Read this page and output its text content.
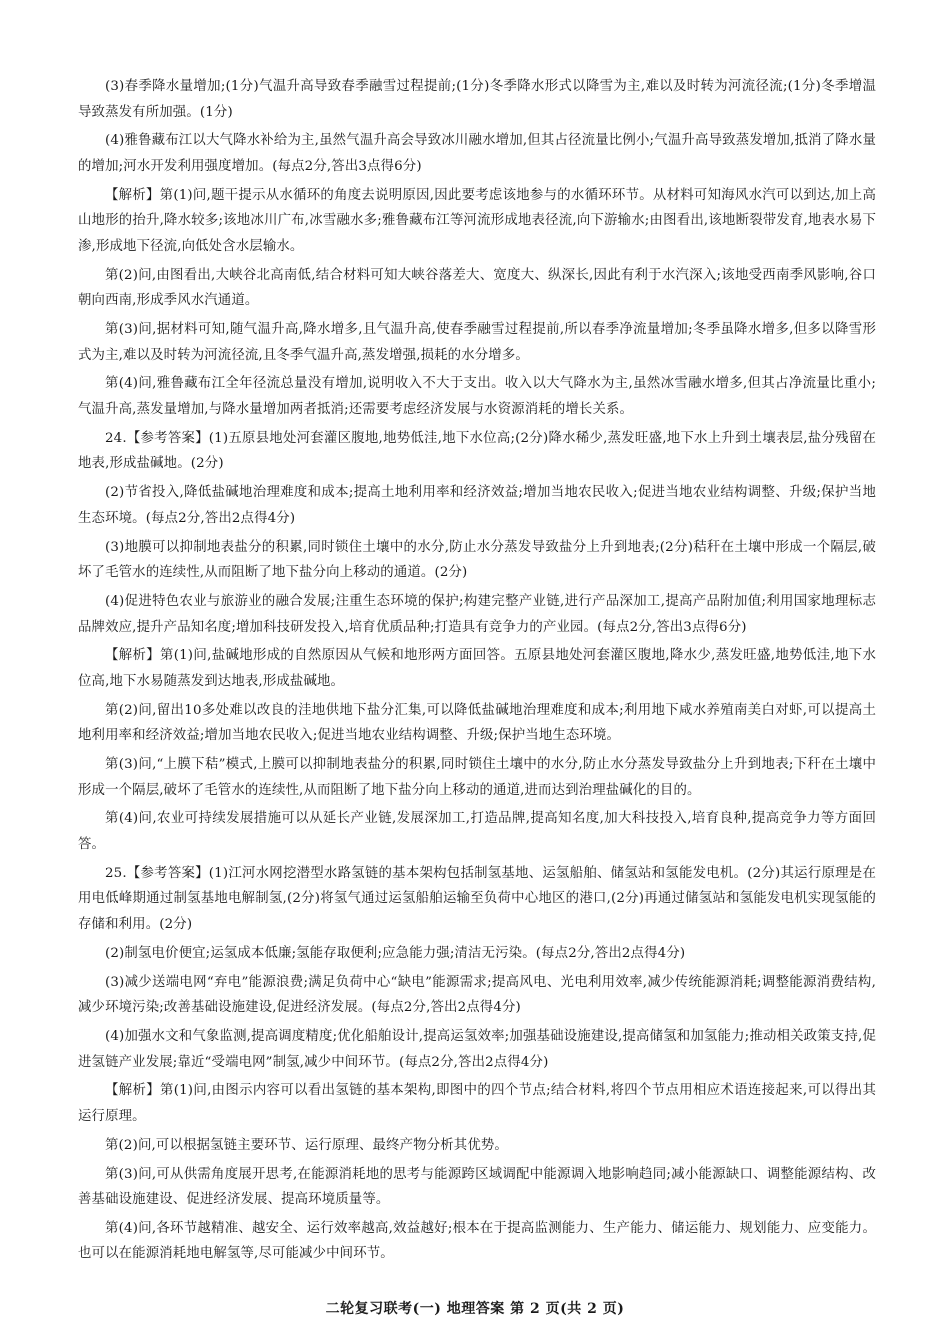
(3)春季降水量增加;(1分)气温升高导致春季融雪过程提前;(1分)冬季降水形式以降雪为主,难以及时转为河流径流;(1分)冬季增温导致蒸发有所加强。(1分)

(4)雅鲁藏布江以大气降水补给为主,虽然气温升高会导致冰川融水增加,但其占径流量比例小;气温升高导致蒸发增加,抵消了降水量的增加;河水开发利用强度增加。(每点2分,答出3点得6分)

【解析】第(1)问,题干提示从水循环的角度去说明原因,因此要考虑该地参与的水循环环节。从材料可知海风水汽可以到达,加上高山地形的抬升,降水较多;该地冰川广布,冰雪融水多;雅鲁藏布江等河流形成地表径流,向下游输水;由图看出,该地断裂带发育,地表水易下渗,形成地下径流,向低处含水层输水。

第(2)问,由图看出,大峡谷北高南低,结合材料可知大峡谷落差大、宽度大、纵深长,因此有利于水汽深入;该地受西南季风影响,谷口朝向西南,形成季风水汽通道。

第(3)问,据材料可知,随气温升高,降水增多,且气温升高,使春季融雪过程提前,所以春季净流量增加;冬季虽降水增多,但多以降雪形式为主,难以及时转为河流径流,且冬季气温升高,蒸发增强,损耗的水分增多。

第(4)问,雅鲁藏布江全年径流总量没有增加,说明收入不大于支出。收入以大气降水为主,虽然冰雪融水增多,但其占净流量比重小;气温升高,蒸发量增加,与降水量增加两者抵消;还需要考虑经济发展与水资源消耗的增长关系。

24.【参考答案】(1)五原县地处河套灌区腹地,地势低洼,地下水位高;(2分)降水稀少,蒸发旺盛,地下水上升到土壤表层,盐分残留在地表,形成盐碱地。(2分)

(2)节省投入,降低盐碱地治理难度和成本;提高土地利用率和经济效益;增加当地农民收入;促进当地农业结构调整、升级;保护当地生态环境。(每点2分,答出2点得4分)

(3)地膜可以抑制地表盐分的积累,同时锁住土壤中的水分,防止水分蒸发导致盐分上升到地表;(2分)秸秆在土壤中形成一个隔层,破坏了毛管水的连续性,从而阻断了地下盐分向上移动的通道。(2分)

(4)促进特色农业与旅游业的融合发展;注重生态环境的保护;构建完整产业链,进行产品深加工,提高产品附加值;利用国家地理标志品牌效应,提升产品知名度;增加科技研发投入,培育优质品种;打造具有竞争力的产业园。(每点2分,答出3点得6分)

【解析】第(1)问,盐碱地形成的自然原因从气候和地形两方面回答。五原县地处河套灌区腹地,降水少,蒸发旺盛,地势低洼,地下水位高,地下水易随蒸发到达地表,形成盐碱地。

第(2)问,留出10多处难以改良的洼地供地下盐分汇集,可以降低盐碱地治理难度和成本;利用地下咸水养殖南美白对虾,可以提高土地利用率和经济效益;增加当地农民收入;促进当地农业结构调整、升级;保护当地生态环境。

第(3)问,“上膜下秸”模式,上膜可以抑制地表盐分的积累,同时锁住土壤中的水分,防止水分蒸发导致盐分上升到地表;下秆在土壤中形成一个隔层,破坏了毛管水的连续性,从而阻断了地下盐分向上移动的通道,进而达到治理盐碱化的目的。

第(4)问,农业可持续发展措施可以从延长产业链,发展深加工,打造品牌,提高知名度,加大科技投入,培育良种,提高竞争力等方面回答。

25.【参考答案】(1)江河水网挖潜型水路氢链的基本架构包括制氢基地、运氢船舶、储氢站和氢能发电机。(2分)其运行原理是在用电低峰期通过制氢基地电解制氢,(2分)将氢气通过运氢船舶运输至负荷中心地区的港口,(2分)再通过储氢站和氢能发电机实现氢能的存储和利用。(2分)

(2)制氢电价便宜;运氢成本低廉;氢能存取便利;应急能力强;清洁无污染。(每点2分,答出2点得4分)

(3)减少送端电网“弃电”能源浪费;满足负荷中心“缺电”能源需求;提高风电、光电利用效率,减少传统能源消耗;调整能源消费结构,减少环境污染;改善基础设施建设,促进经济发展。(每点2分,答出2点得4分)

(4)加强水文和气象监测,提高调度精度;优化船舶设计,提高运氢效率;加强基础设施建设,提高储氢和加氢能力;推动相关政策支持,促进氢链产业发展;靠近“受端电网”制氢,减少中间环节。(每点2分,答出2点得4分)

【解析】第(1)问,由图示内容可以看出氢链的基本架构,即图中的四个节点;结合材料,将四个节点用相应术语连接起来,可以得出其运行原理。

第(2)问,可以根据氢链主要环节、运行原理、最终产物分析其优势。

第(3)问,可从供需角度展开思考,在能源消耗地的思考与能源跨区域调配中能源调入地影响趋同;减小能源缺口、调整能源结构、改善基础设施建设、促进经济发展、提高环境质量等。

第(4)问,各环节越精准、越安全、运行效率越高,效益越好;根本在于提高监测能力、生产能力、储运能力、规划能力、应变能力。也可以在能源消耗地电解氢等,尽可能减少中间环节。

二轮复习联考(一) 地理答案 第 2 页(共 2 页)
